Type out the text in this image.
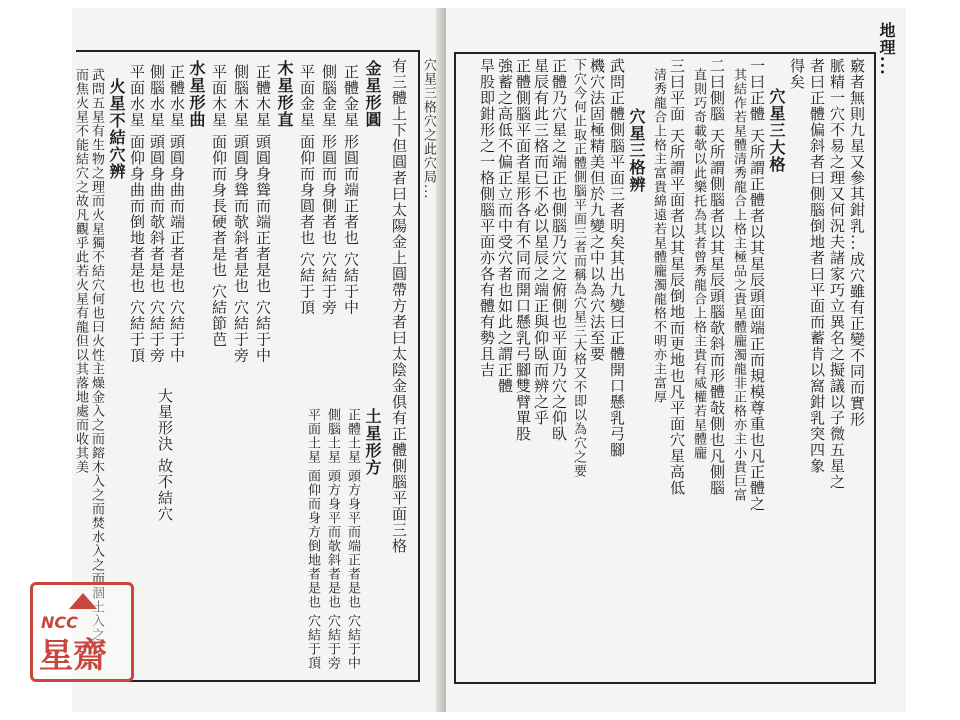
穴星三格穴之此穴局...
有三體上下但圓者曰太陽金上圓帶方者曰太陰金俱有正體側腦平面三格
大星形決 故不結穴
金星形圓
正體金星 形圓而端正者也 穴結于中
側腦金星 形圓而身側者也 穴結于旁
平面金星 面仰而身圓者也 穴結于頂
木星形直
正體木星 頭圓身聳而端正者是也 穴結于中
側腦木星 頭圓身聳而欹斜者是也 穴結于旁
平面木星 面仰而身長硬者是也 穴結節芭
水星形曲
正體水星 頭圓身曲而端正者是也 穴結于中
側腦水星 頭圓身曲而欹斜者是也 穴結于旁
平面水星 面仰身曲而倒地者是也 穴結于頂
火星不結穴辨
土星形方
正體土星 頭方身平而端正者是也 穴結于中
側腦土星 頭方身平而欹斜者是也 穴結于旁
平面土星 面仰而身方倒地者是也 穴結于頂
武問五星有生物之理而火星獨不結穴何也曰火性主燥金入之而鎔木入之而焚水入之而涸土入之
而焦火星不能結穴之故凡觀乎此若火星有龍但以其落地處而收其美
地理...
竅者無則九星又參其鉗乳...成穴雖有正變不同而實形
脈精一穴不易之理又何況夫諸家巧立異名之擬議以子微五星之
者曰正體偏斜者曰側腦倒地者曰平面而蓄肯以窩鉗乳突四象
得矣
穴星三大格
一曰正體 天所謂正體者以其星辰頭面端正而規模尊重也凡正體之
其結作若星體清秀龍合上格主極品之貴星體龐濁龍非正格亦主小貴巨富
二曰側腦 天所謂側腦者以其星辰頭腦欹斜而形體敧側也凡側腦
直則巧奇載欹以此樂托為其者曾秀龍合上格主貴有威權若星體龐
三曰平面 天所謂平面者以其星辰倒地而更地也凡平面穴星高低
清秀龍合上格主富貴綿遠若星體龐濁龍格不明亦主富厚
穴星三格辨
武問正體側腦平面三者明矣其出九變曰正體開口懸乳弓腳
機穴法固極精美但於九變之中以為穴法至要
下穴今何止取正體側腦平面三者而稱為穴星三大格又不即以為穴之要
正體乃穴星之端正也側腦乃穴之俯側也平面乃穴之仰臥
星辰有此三格而已不必以星辰之端正與仰臥而辨之乎
正體側腦平面者星形各有不同而開口懸乳弓腳雙臂單股
強蓄之高低不偏正立而中受穴者也如此之謂正體
旱股即鉗形之一格側腦平面亦各有體有勢且吉
NCC
星齋
